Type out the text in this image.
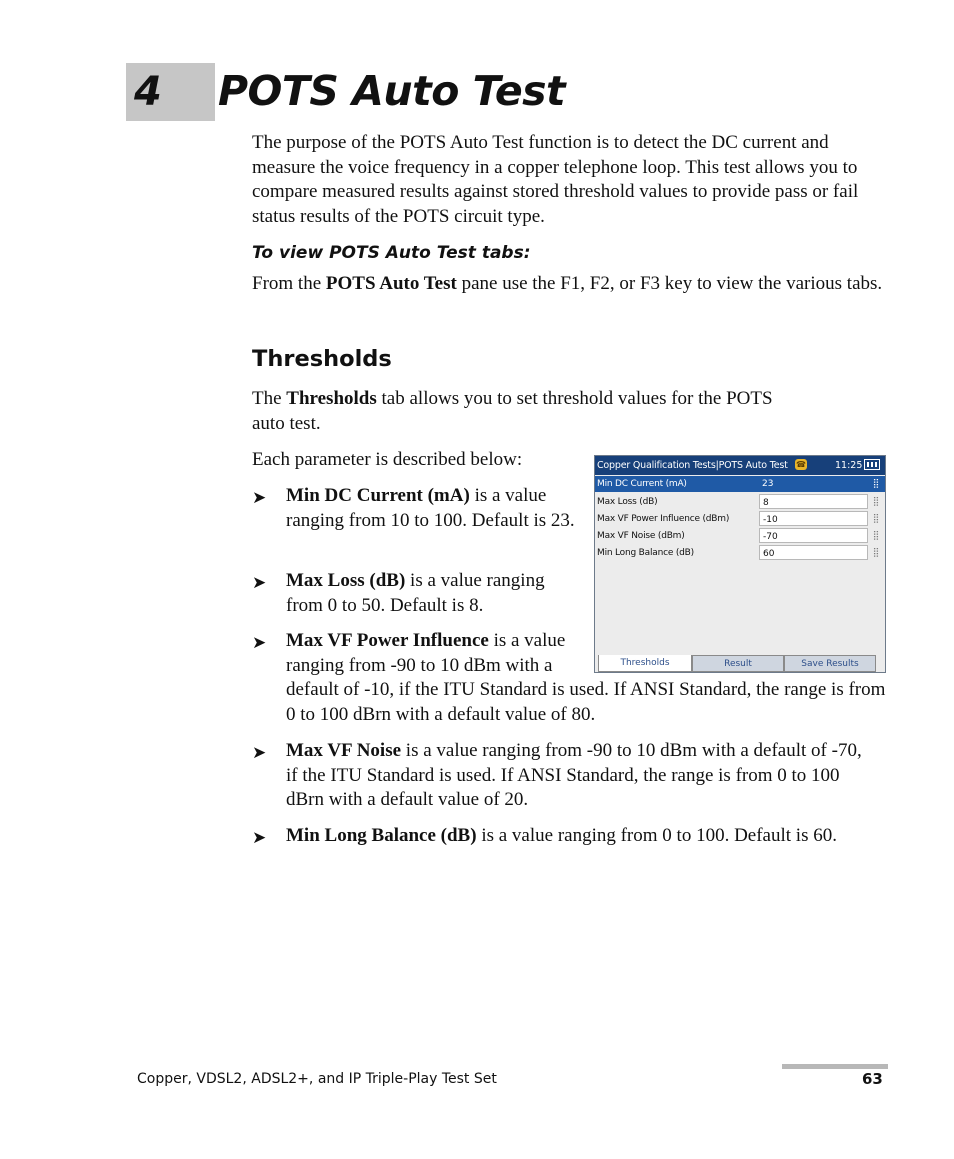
4 POTS Auto Test

The purpose of the POTS Auto Test function is to detect the DC current and measure the voice frequency in a copper telephone loop. This test allows you to compare measured results against stored threshold values to provide pass or fail status results of the POTS circuit type.

To view POTS Auto Test tabs:

From the POTS Auto Test pane use the F1, F2, or F3 key to view the various tabs.

Thresholds

The Thresholds tab allows you to set threshold values for the POTS auto test.

Each parameter is described below:

➤ Min DC Current (mA) is a value ranging from 10 to 100. Default is 23.

➤ Max Loss (dB) is a value ranging from 0 to 50. Default is 8.

➤ Max VF Power Influence is a value ranging from -90 to 10 dBm with a default of -10, if the ITU Standard is used. If ANSI Standard, the range is from 0 to 100 dBrn with a default value of 80.

➤ Max VF Noise is a value ranging from -90 to 10 dBm with a default of -70, if the ITU Standard is used. If ANSI Standard, the range is from 0 to 100 dBrn with a default value of 20.

➤ Min Long Balance (dB) is a value ranging from 0 to 100. Default is 60.

Copper Qualification Tests|POTS Auto Test ☎	11:25
Min DC Current (mA)	23	⣿
Max Loss (dB)	8	⣿
Max VF Power Influence (dBm)	-10	⣿
Max VF Noise (dBm)	-70	⣿
Min Long Balance (dB)	60	⣿
Thresholds	Result	Save Results
Copper, VDSL2, ADSL2+, and IP Triple-Play Test Set	63
